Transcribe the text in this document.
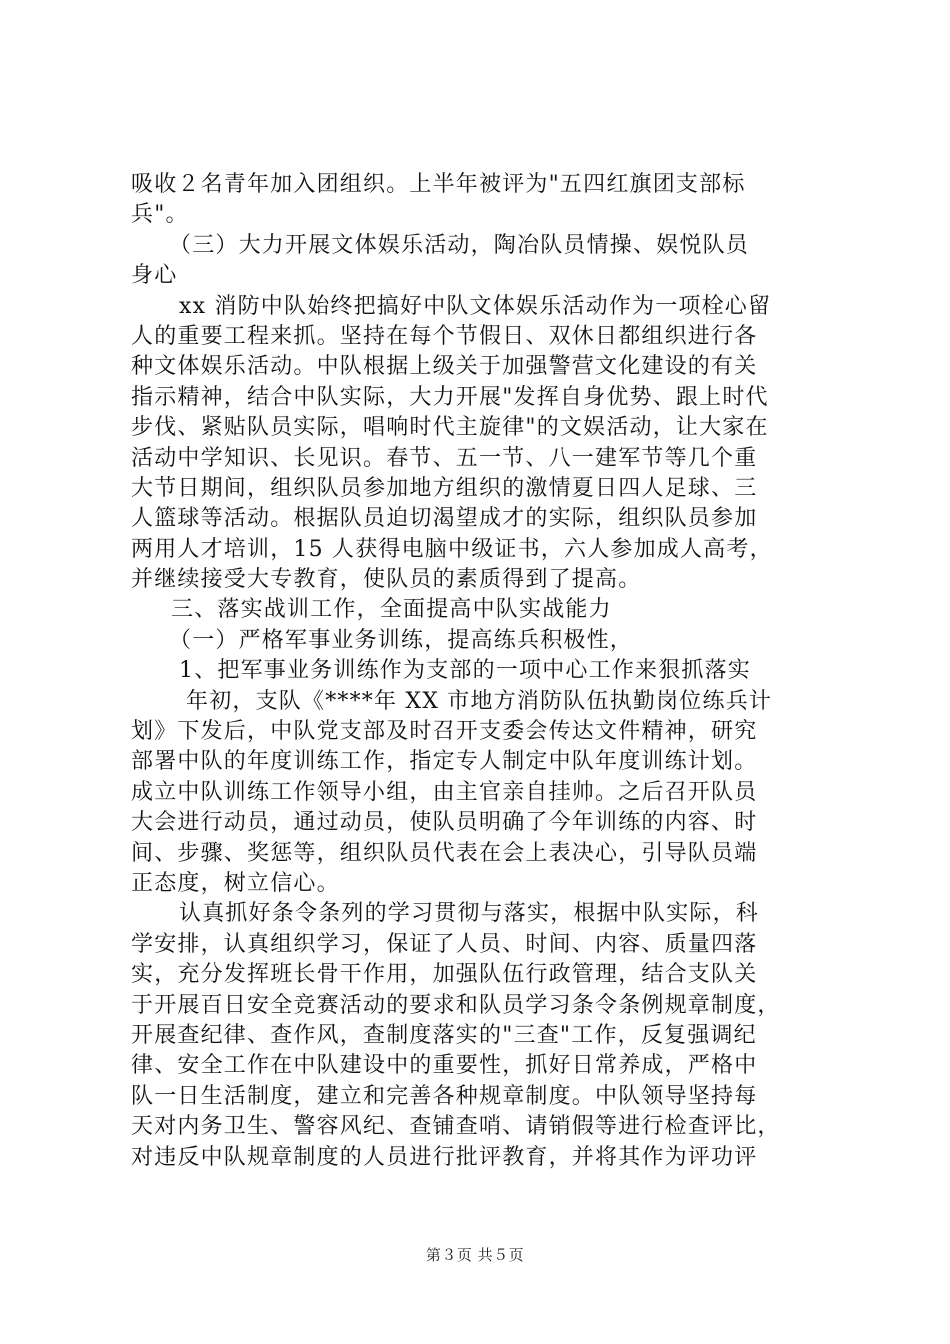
吸收２名青年加入团组织。上半年被评为"五四红旗团支部标
兵"。
（三）大力开展文体娱乐活动，陶冶队员情操、娱悦队员
身心
xx 消防中队始终把搞好中队文体娱乐活动作为一项栓心留
人的重要工程来抓。坚持在每个节假日、双休日都组织进行各
种文体娱乐活动。中队根据上级关于加强警营文化建设的有关
指示精神，结合中队实际，大力开展"发挥自身优势、跟上时代
步伐、紧贴队员实际，唱响时代主旋律"的文娱活动，让大家在
活动中学知识、长见识。春节、五一节、八一建军节等几个重
大节日期间，组织队员参加地方组织的激情夏日四人足球、三
人篮球等活动。根据队员迫切渴望成才的实际，组织队员参加
两用人才培训，15 人获得电脑中级证书，六人参加成人高考，
并继续接受大专教育，使队员的素质得到了提高。
三、落实战训工作，全面提高中队实战能力
（一）严格军事业务训练，提高练兵积极性，
1、把军事业务训练作为支部的一项中心工作来狠抓落实
年初，支队《****年 XX 市地方消防队伍执勤岗位练兵计
划》下发后，中队党支部及时召开支委会传达文件精神，研究
部署中队的年度训练工作，指定专人制定中队年度训练计划。
成立中队训练工作领导小组，由主官亲自挂帅。之后召开队员
大会进行动员，通过动员，使队员明确了今年训练的内容、时
间、步骤、奖惩等，组织队员代表在会上表决心，引导队员端
正态度，树立信心。
认真抓好条令条列的学习贯彻与落实，根据中队实际，科
学安排，认真组织学习，保证了人员、时间、内容、质量四落
实，充分发挥班长骨干作用，加强队伍行政管理，结合支队关
于开展百日安全竞赛活动的要求和队员学习条令条例规章制度，
开展查纪律、查作风，查制度落实的"三查"工作，反复强调纪
律、安全工作在中队建设中的重要性，抓好日常养成，严格中
队一日生活制度，建立和完善各种规章制度。中队领导坚持每
天对内务卫生、警容风纪、查铺查哨、请销假等进行检查评比，
对违反中队规章制度的人员进行批评教育，并将其作为评功评
第３页 共５页
